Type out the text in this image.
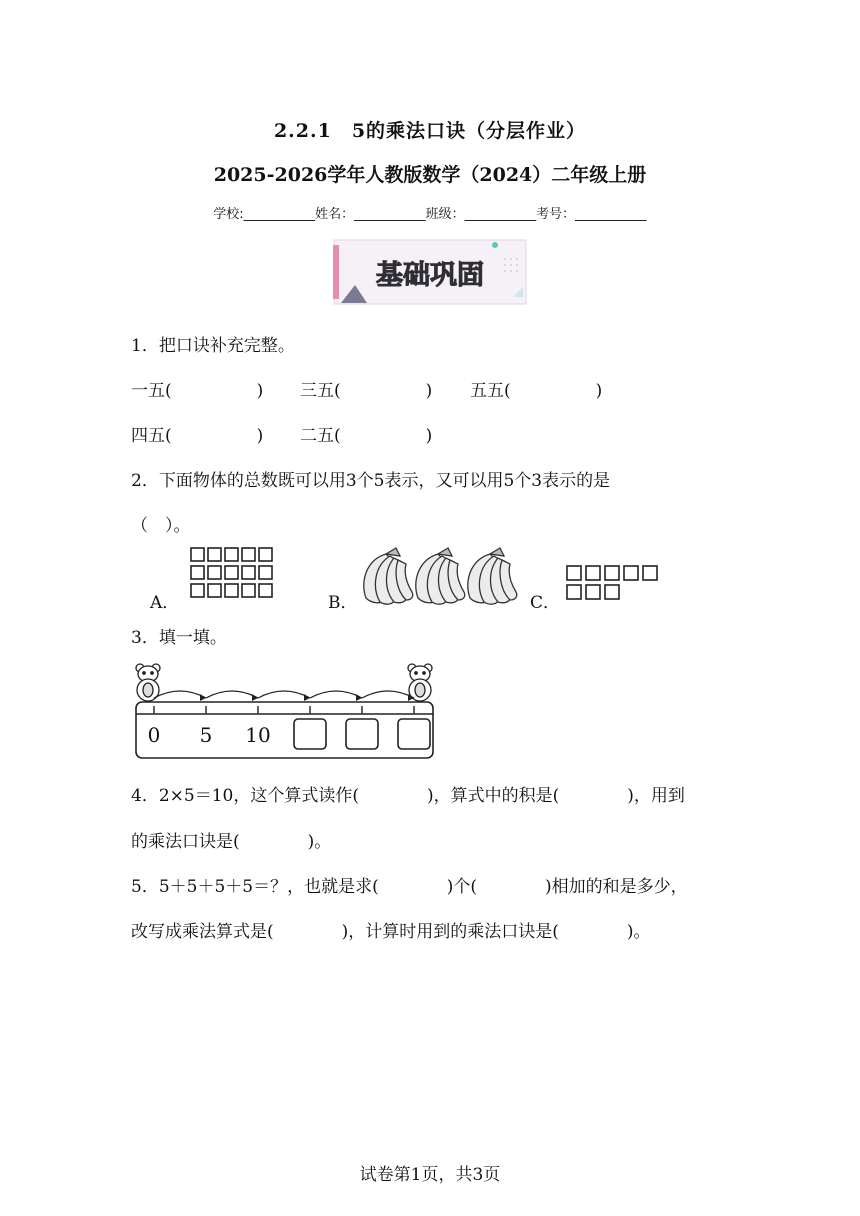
2.2.1　5的乘法口诀（分层作业）
2025-2026学年人教版数学（2024）二年级上册
学校:___________姓名：___________班级：___________考号：___________
基础巩固
1．把口诀补充完整。
一五(　　　　　) 三五(　　　　　) 五五(　　　　　)
四五(　　　　　) 二五(　　　　　)
2．下面物体的总数既可以用3个5表示，又可以用5个3表示的是
（　）。
A．	B．	C．
3．填一填。
0 5 10
4．2×5＝10，这个算式读作(　　　　)，算式中的积是(　　　　)，用到
的乘法口诀是(　　　　)。
5．5＋5＋5＋5＝？，也就是求(　　　　)个(　　　　)相加的和是多少，
改写成乘法算式是(　　　　)，计算时用到的乘法口诀是(　　　　)。
试卷第1页，共3页
